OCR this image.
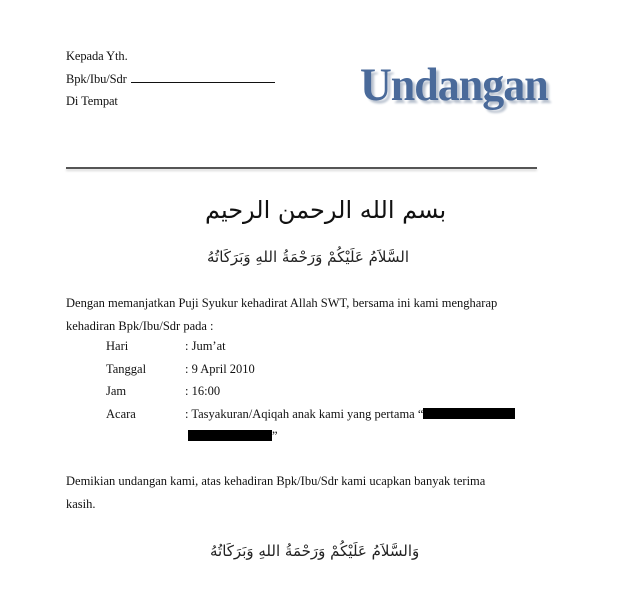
Kepada Yth.
Bpk/Ibu/Sdr
Di Tempat	Undangan
بسم الله الرحمن الرحيم
السَّلاَمُ عَلَيْكُمْ وَرَحْمَةُ اللهِ وَبَرَكَاتُهُ
Dengan memanjatkan Puji Syukur kehadirat Allah SWT, bersama ini kami mengharap
kehadiran Bpk/Ibu/Sdr pada :
Hari	: Jum’at
Tanggal	: 9 April 2010
Jam	: 16:00
Acara	: Tasyakuran/Aqiqah anak kami yang pertama “
”
Demikian undangan kami, atas kehadiran Bpk/Ibu/Sdr kami ucapkan banyak terima
kasih.
وَالسَّلاَمُ عَلَيْكُمْ وَرَحْمَةُ اللهِ وَبَرَكَاتُهُ
